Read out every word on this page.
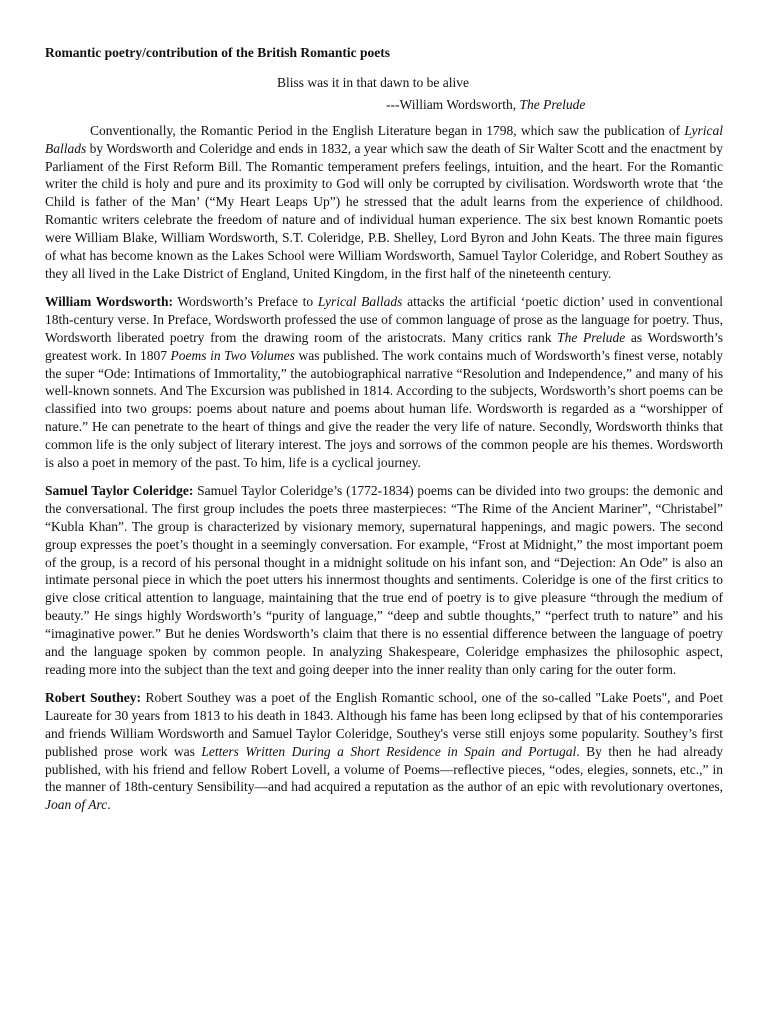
Romantic poetry/contribution of the British Romantic poets
Bliss was it in that dawn to be alive
---William Wordsworth, The Prelude

Conventionally, the Romantic Period in the English Literature began in 1798, which saw the publication of Lyrical Ballads by Wordsworth and Coleridge and ends in 1832, a year which saw the death of Sir Walter Scott and the enactment by Parliament of the First Reform Bill. The Romantic temperament prefers feelings, intuition, and the heart. For the Romantic writer the child is holy and pure and its proximity to God will only be corrupted by civilisation. Wordsworth wrote that ‘the Child is father of the Man’ (“My Heart Leaps Up”) he stressed that the adult learns from the experience of childhood. Romantic writers celebrate the freedom of nature and of individual human experience. The six best known Romantic poets were William Blake, William Wordsworth, S.T. Coleridge, P.B. Shelley, Lord Byron and John Keats. The three main figures of what has become known as the Lakes School were William Wordsworth, Samuel Taylor Coleridge, and Robert Southey as they all lived in the Lake District of England, United Kingdom, in the first half of the nineteenth century.

William Wordsworth: Wordsworth’s Preface to Lyrical Ballads attacks the artificial ‘poetic diction’ used in conventional 18th-century verse. In Preface, Wordsworth professed the use of common language of prose as the language for poetry. Thus, Wordsworth liberated poetry from the drawing room of the aristocrats. Many critics rank The Prelude as Wordsworth’s greatest work. In 1807 Poems in Two Volumes was published. The work contains much of Wordsworth’s finest verse, notably the super “Ode: Intimations of Immortality,” the autobiographical narrative “Resolution and Independence,” and many of his well-known sonnets. And The Excursion was published in 1814. According to the subjects, Wordsworth’s short poems can be classified into two groups: poems about nature and poems about human life. Wordsworth is regarded as a “worshipper of nature.” He can penetrate to the heart of things and give the reader the very life of nature. Secondly, Wordsworth thinks that common life is the only subject of literary interest. The joys and sorrows of the common people are his themes. Wordsworth is also a poet in memory of the past. To him, life is a cyclical journey.

Samuel Taylor Coleridge: Samuel Taylor Coleridge’s (1772-1834) poems can be divided into two groups: the demonic and the conversational. The first group includes the poets three masterpieces: “The Rime of the Ancient Mariner”, “Christabel” “Kubla Khan”. The group is characterized by visionary memory, supernatural happenings, and magic powers. The second group expresses the poet’s thought in a seemingly conversation. For example, “Frost at Midnight,” the most important poem of the group, is a record of his personal thought in a midnight solitude on his infant son, and “Dejection: An Ode” is also an intimate personal piece in which the poet utters his innermost thoughts and sentiments. Coleridge is one of the first critics to give close critical attention to language, maintaining that the true end of poetry is to give pleasure “through the medium of beauty.” He sings highly Wordsworth’s “purity of language,” “deep and subtle thoughts,” “perfect truth to nature” and his “imaginative power.” But he denies Wordsworth’s claim that there is no essential difference between the language of poetry and the language spoken by common people. In analyzing Shakespeare, Coleridge emphasizes the philosophic aspect, reading more into the subject than the text and going deeper into the inner reality than only caring for the outer form.

Robert Southey: Robert Southey was a poet of the English Romantic school, one of the so-called "Lake Poets", and Poet Laureate for 30 years from 1813 to his death in 1843. Although his fame has been long eclipsed by that of his contemporaries and friends William Wordsworth and Samuel Taylor Coleridge, Southey's verse still enjoys some popularity. Southey’s first published prose work was Letters Written During a Short Residence in Spain and Portugal. By then he had already published, with his friend and fellow Robert Lovell, a volume of Poems—reflective pieces, “odes, elegies, sonnets, etc.,” in the manner of 18th-century Sensibility—and had acquired a reputation as the author of an epic with revolutionary overtones, Joan of Arc.
